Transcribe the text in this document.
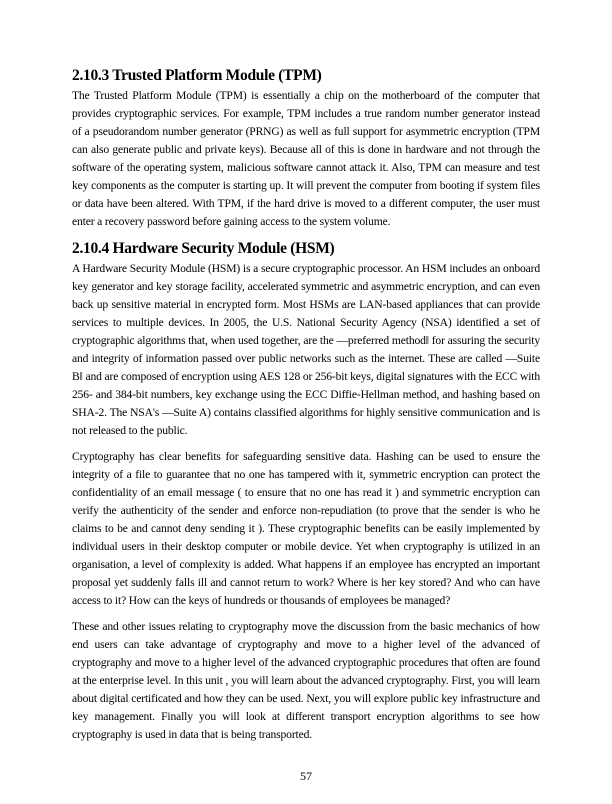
2.10.3 Trusted Platform Module (TPM)

The Trusted Platform Module (TPM) is essentially a chip on the motherboard of the computer that provides cryptographic services. For example, TPM includes a true random number generator instead of a pseudorandom number generator (PRNG) as well as full support for asymmetric encryption (TPM can also generate public and private keys). Because all of this is done in hardware and not through the software of the operating system, malicious software cannot attack it. Also, TPM can measure and test key components as the computer is starting up. It will prevent the computer from booting if system files or data have been altered. With TPM, if the hard drive is moved to a different computer, the user must enter a recovery password before gaining access to the system volume.

2.10.4 Hardware Security Module (HSM)

A Hardware Security Module (HSM) is a secure cryptographic processor. An HSM includes an onboard key generator and key storage facility, accelerated symmetric and asymmetric encryption, and can even back up sensitive material in encrypted form. Most HSMs are LAN-based appliances that can provide services to multiple devices. In 2005, the U.S. National Security Agency (NSA) identified a set of cryptographic algorithms that, when used together, are the —preferred method‖ for assuring the security and integrity of information passed over public networks such as the internet. These are called —Suite B‖ and are composed of encryption using AES 128 or 256-bit keys, digital signatures with the ECC with 256- and 384-bit numbers, key exchange using the ECC Diffie-Hellman method, and hashing based on SHA-2. The NSA's —Suite A) contains classified algorithms for highly sensitive communication and is not released to the public.

Cryptography has clear benefits for safeguarding sensitive data. Hashing can be used to ensure the integrity of a file to guarantee that no one has tampered with it, symmetric encryption can protect the confidentiality of an email message ( to ensure that no one has read it ) and symmetric encryption can verify the authenticity of the sender and enforce non-repudiation (to prove that the sender is who he claims to be and cannot deny sending it ). These cryptographic benefits can be easily implemented by individual users in their desktop computer or mobile device. Yet when cryptography is utilized in an organisation, a level of complexity is added. What happens if an employee has encrypted an important proposal yet suddenly falls ill and cannot return to work? Where is her key stored? And who can have access to it? How can the keys of hundreds or thousands of employees be managed?

These and other issues relating to cryptography move the discussion from the basic mechanics of how end users can take advantage of cryptography and move to a higher level of the advanced of cryptography and move to a higher level of the advanced cryptographic procedures that often are found at the enterprise level. In this unit , you will learn about the advanced cryptography. First, you will learn about digital certificated and how they can be used. Next, you will explore public key infrastructure and key management. Finally you will look at different transport encryption algorithms to see how cryptography is used in data that is being transported.

57
